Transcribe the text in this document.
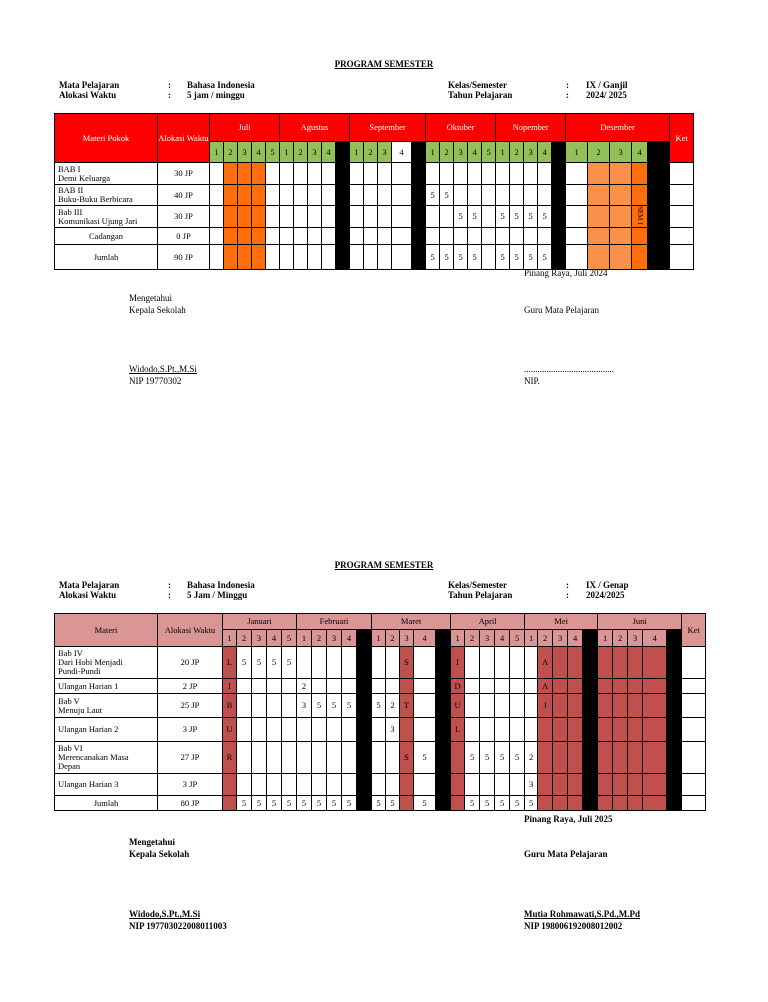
PROGRAM SEMESTER
Mata Pelajaran	: Bahasa Indonesia
Alokasi Waktu	: 5 jam / minggu
Kelas/Semester	: IX / Ganjil
Tahun Pelajaran	: 2024/ 2025
Materi Pokok	Alokasi Waktu	Juli					Agustus					September					Oktober					Nopember					Desember					Ket
		1	2	3	4	5	1	2	3	4		1	2	3	4		1	2	3	4	5	1	2	3	4		1	2	3	4		
BAB I
Demi Keluarga	30 JP																															
BAB II
Buku-Buku Berbicara	40 JP																5	5														
Bab III
Komunikasi Ujung Jari	30 JP																		5	5		5	5	5	5					SEM I		
Cadangan	0 JP																															
Jumlah	90 JP																5	5	5	5		5	5	5	5							
Pinang Raya, Juli 2024
Mengetahui
Kepala Sekolah	Guru Mata Pelajaran
Widodo,S.Pt.,M.Si
NIP 19770302
........................................
NIP.
PROGRAM SEMESTER
Mata Pelajaran	: Bahasa Indonesia
Alokasi Waktu	: 5 Jam / Minggu
Kelas/Semester	: IX / Genap
Tahun Pelajaran	: 2024/2025
Materi	Alokasi Waktu	Januari					Februari					Maret					April					Mei					Juni					Ket
		1	2	3	4	5	1	2	3	4		1	2	3	4		1	2	3	4	5	1	2	3	4		1	2	3	4		
Bab IV
Dari Hobi Menjadi
Pundi-Pundi	20 JP	L	5	5	5	5								S			I						A									
Ulangan Harian 1	2 JP	I					2										D						A									
Bab V
Menuju Laut	25 JP	B					3	5	5	5		5	2	T			U						J									
Ulangan Harian 2	3 JP	U											3				L															
Bab VI
Merencanakan Masa
Depan	27 JP	R												S	5			5	5	5	5	2										
Ulangan Harian 3	3 JP																					3										
Jumlah	80 JP		5	5	5	5	5	5	5	5		5	5		5			5	5	5	5	5										
Pinang Raya, Juli 2025
Mengetahui
Kepala Sekolah	Guru Mata Pelajaran
Widodo,S.Pt.,M.Si
NIP 197703022008011003
Mutia Rohmawati,S.Pd.,M.Pd
NIP 198006192008012002
